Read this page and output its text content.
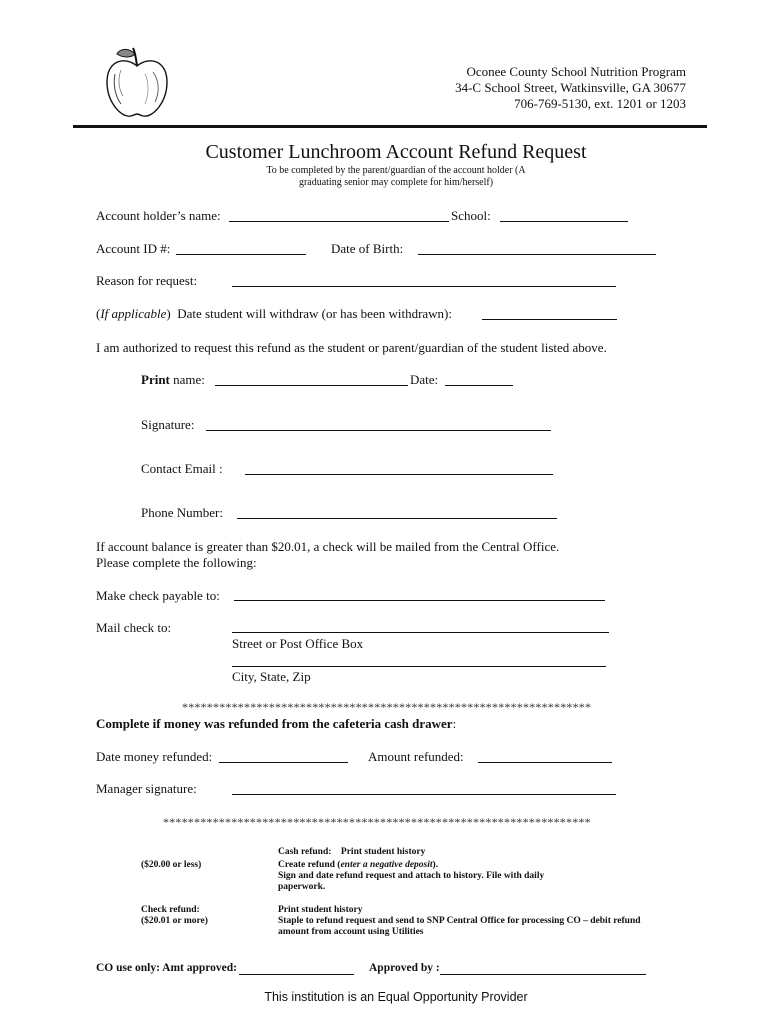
Oconee County School Nutrition Program
34-C School Street, Watkinsville, GA 30677
706-769-5130, ext. 1201 or 1203
Customer Lunchroom Account Refund Request
To be completed by the parent/guardian of the account holder (A
graduating senior may complete for him/herself)
Account holder’s name:	School:
Account ID #:	Date of Birth:
Reason for request:
(If applicable)  Date student will withdraw (or has been withdrawn):
I am authorized to request this refund as the student or parent/guardian of the student listed above.
Print name:	Date:
Signature:
Contact Email :
Phone Number:
If account balance is greater than $20.01, a check will be mailed from the Central Office.
Please complete the following:
Make check payable to:
Mail check to:
Street or Post Office Box
City, State, Zip
******************************************************************
Complete if money was refunded from the cafeteria cash drawer:
Date money refunded:	Amount refunded:
Manager signature:
*********************************************************************
Cash refund: Print student history
($20.00 or less)	Create refund (enter a negative deposit).
Sign and date refund request and attach to history. File with daily
paperwork.
Check refund:	Print student history
($20.01 or more)	Staple to refund request and send to SNP Central Office for processing CO – debit refund
amount from account using Utilities
CO use only: Amt approved:	Approved by :
This institution is an Equal Opportunity Provider
